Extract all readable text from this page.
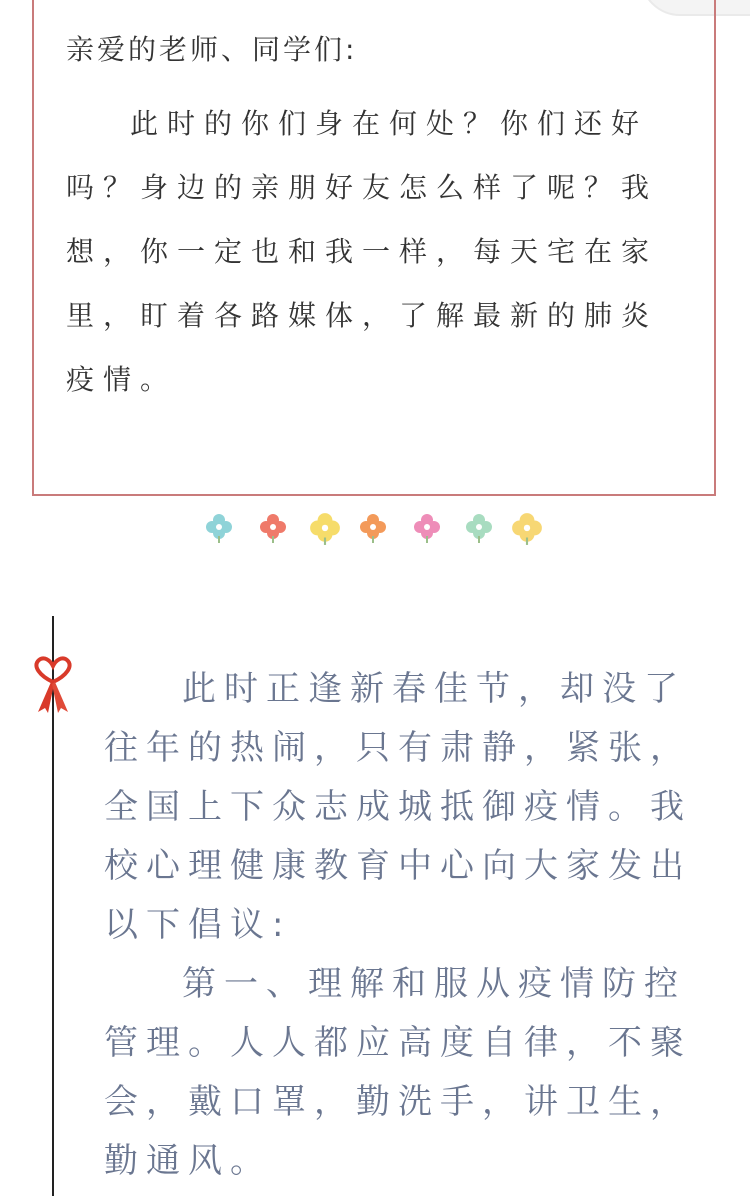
亲爱的老师、同学们:
此时的你们身在何处？你们还好吗？身边的亲朋好友怎么样了呢？我想，你一定也和我一样，每天宅在家里，盯着各路媒体，了解最新的肺炎疫情。

此时正逢新春佳节，却没了往年的热闹，只有肃静，紧张，全国上下众志成城抵御疫情。我校心理健康教育中心向大家发出以下倡议:

第一、理解和服从疫情防控管理。人人都应高度自律，不聚会，戴口罩，勤洗手，讲卫生，勤通风。
